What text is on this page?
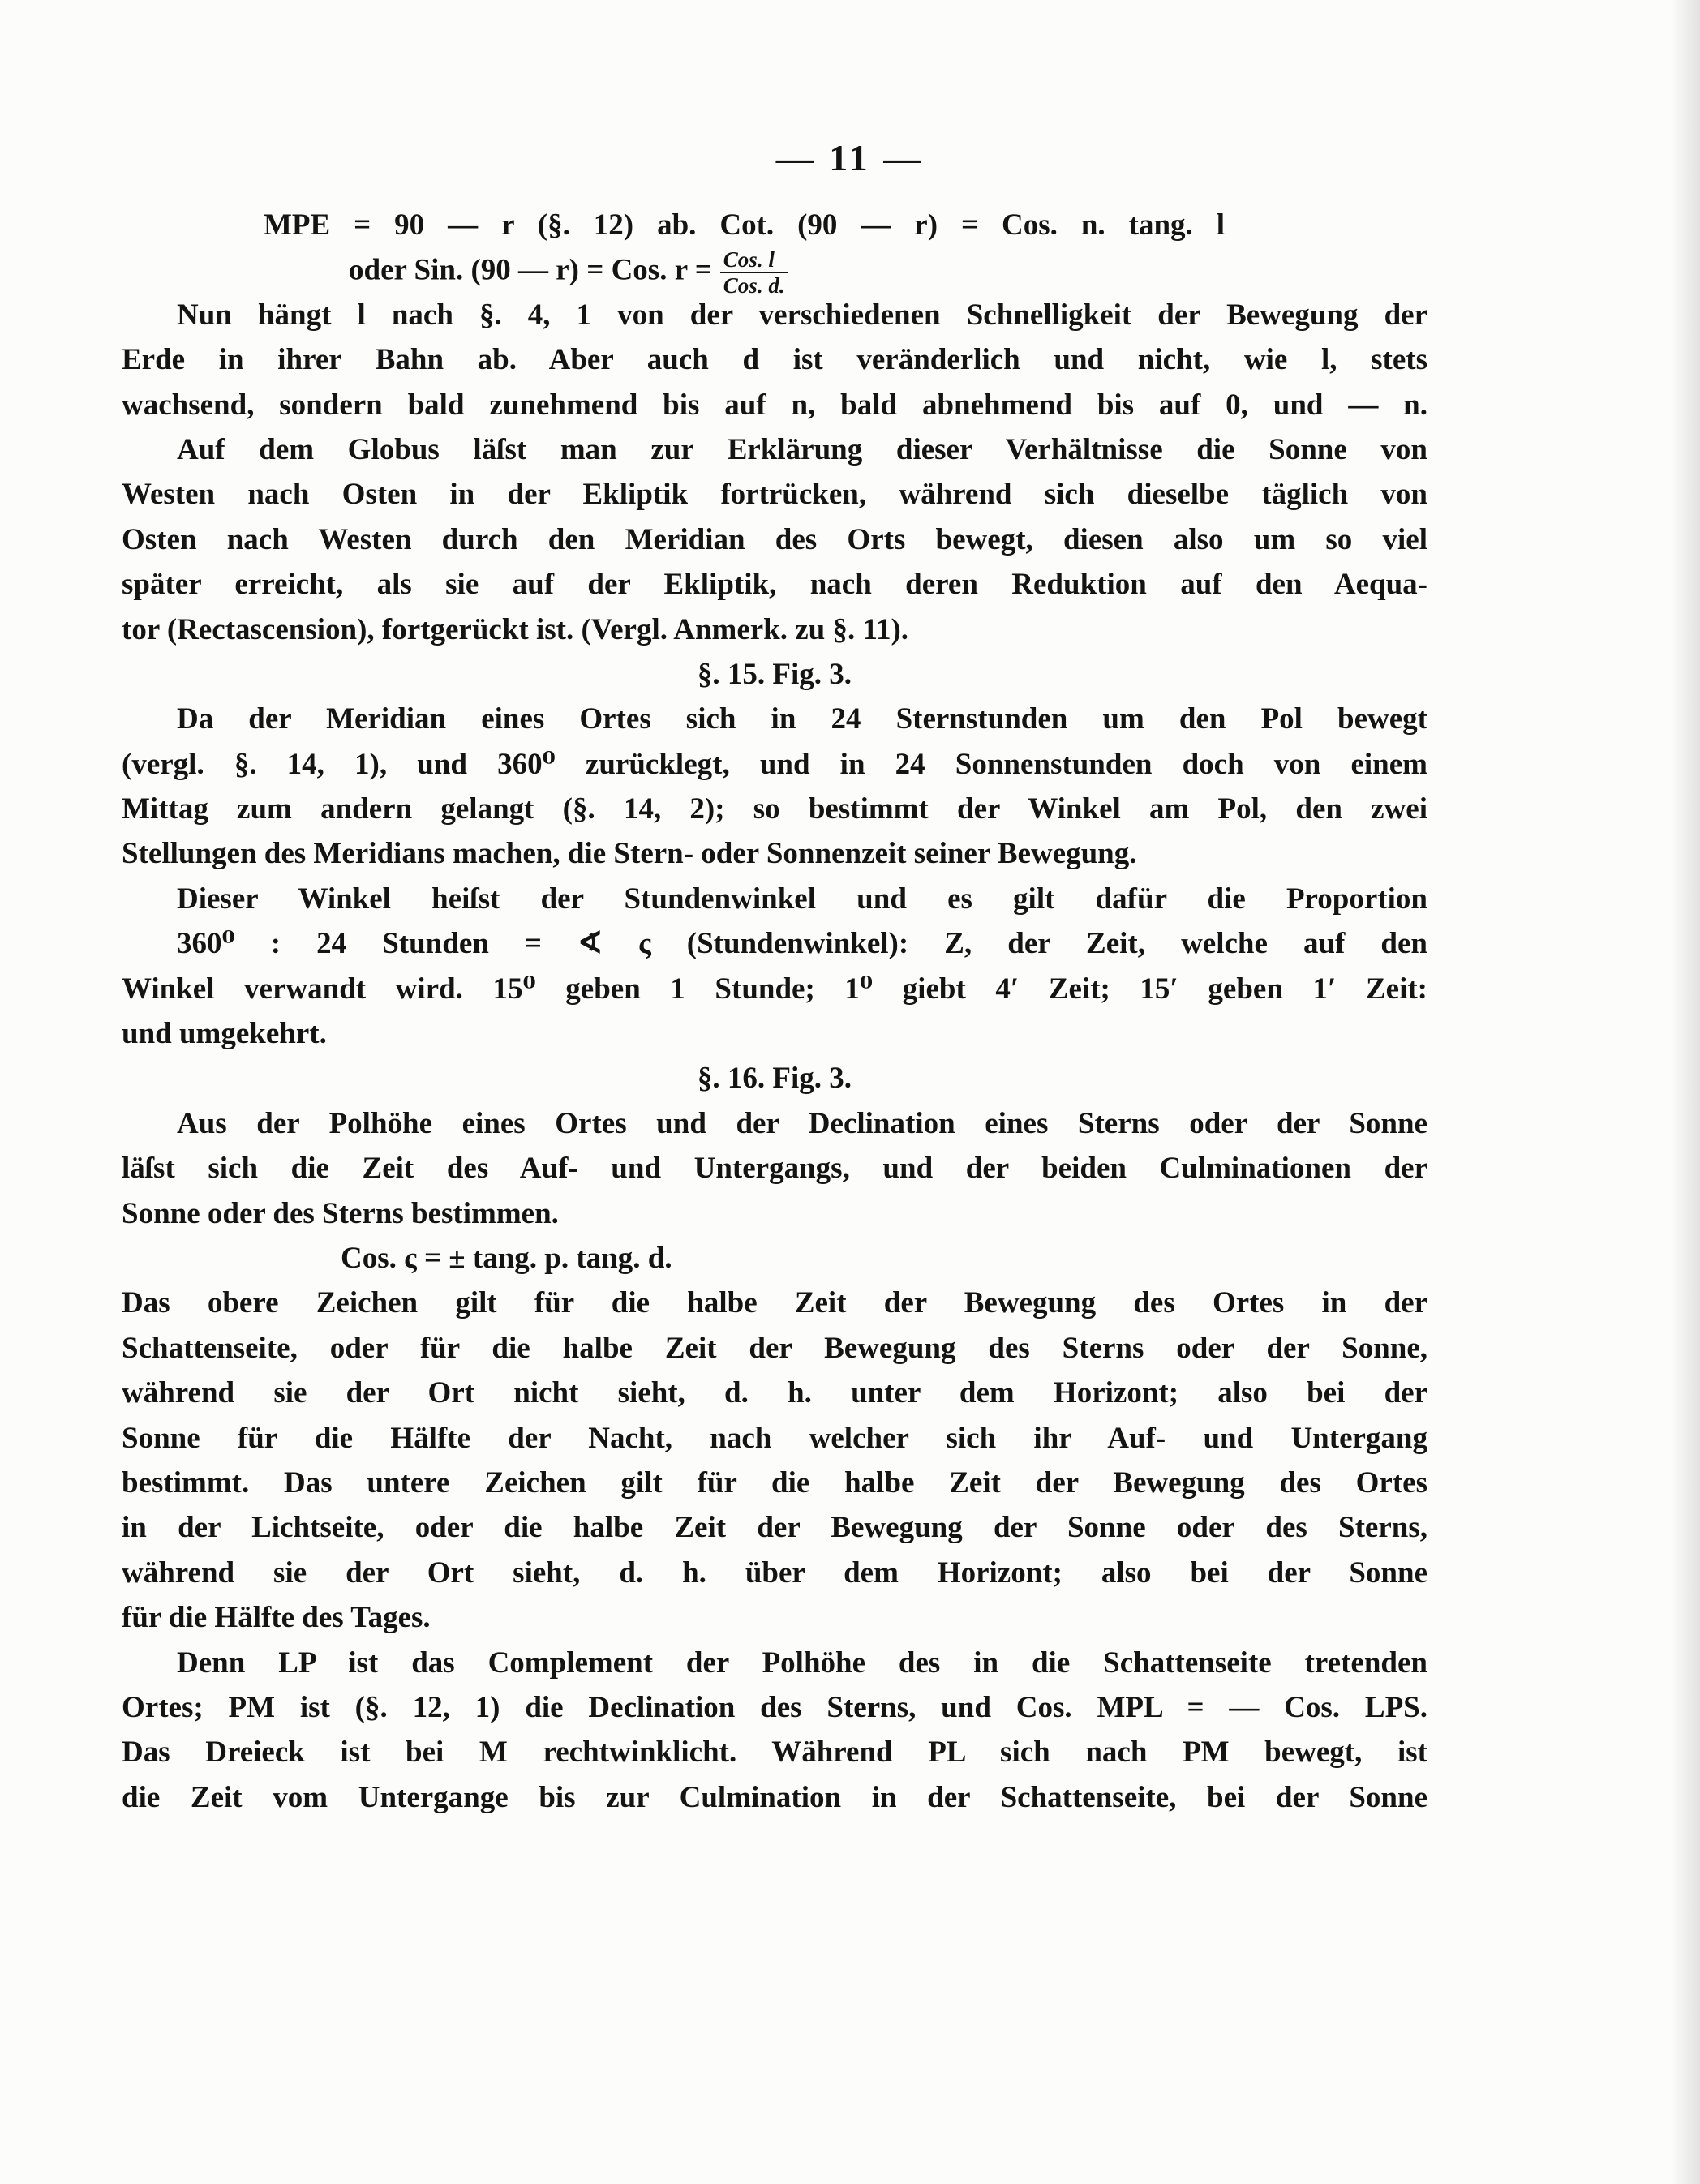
— 11 —
MPE = 90 — r (§. 12) ab. Cot. (90 — r) = Cos. n. tang. l
oder Sin. (90 — r) = Cos. $r = \frac{\text{Cos. l}}{\text{Cos. d.}}$
Nun hängt l nach §. 4, 1 von der verschiedenen Schnelligkeit der Bewegung der
Erde in ihrer Bahn ab. Aber auch d ist veränderlich und nicht, wie l, stets
wachsend, sondern bald zunehmend bis auf n, bald abnehmend bis auf 0, und — n.
Auf dem Globus läſst man zur Erklärung dieser Verhältnisse die Sonne von
Westen nach Osten in der Ekliptik fortrücken, während sich dieselbe täglich von
Osten nach Westen durch den Meridian des Orts bewegt, diesen also um so viel
später erreicht, als sie auf der Ekliptik, nach deren Reduktion auf den Aequa-
tor (Rectascension), fortgerückt ist. (Vergl. Anmerk. zu §. 11).
§. 15. Fig. 3.
Da der Meridian eines Ortes sich in 24 Sternstunden um den Pol bewegt
(vergl. §. 14, 1), und 360⁰ zurücklegt, und in 24 Sonnenstunden doch von einem
Mittag zum andern gelangt (§. 14, 2); so bestimmt der Winkel am Pol, den zwei
Stellungen des Meridians machen, die Stern- oder Sonnenzeit seiner Bewegung.
Dieser Winkel heiſst der Stundenwinkel und es gilt dafür die Proportion
360⁰ : 24 Stunden = ∢ ς (Stundenwinkel): Z, der Zeit, welche auf den
Winkel verwandt wird. 15⁰ geben 1 Stunde; 1⁰ giebt 4′ Zeit; 15′ geben 1′ Zeit:
und umgekehrt.
§. 16. Fig. 3.
Aus der Polhöhe eines Ortes und der Declination eines Sterns oder der Sonne
läſst sich die Zeit des Auf- und Untergangs, und der beiden Culminationen der
Sonne oder des Sterns bestimmen.
Cos. ς = ± tang. p. tang. d.
Das obere Zeichen gilt für die halbe Zeit der Bewegung des Ortes in der
Schattenseite, oder für die halbe Zeit der Bewegung des Sterns oder der Sonne,
während sie der Ort nicht sieht, d. h. unter dem Horizont; also bei der
Sonne für die Hälfte der Nacht, nach welcher sich ihr Auf- und Untergang
bestimmt. Das untere Zeichen gilt für die halbe Zeit der Bewegung des Ortes
in der Lichtseite, oder die halbe Zeit der Bewegung der Sonne oder des Sterns,
während sie der Ort sieht, d. h. über dem Horizont; also bei der Sonne
für die Hälfte des Tages.
Denn LP ist das Complement der Polhöhe des in die Schattenseite tretenden
Ortes; PM ist (§. 12, 1) die Declination des Sterns, und Cos. MPL = — Cos. LPS.
Das Dreieck ist bei M rechtwinklicht. Während PL sich nach PM bewegt, ist
die Zeit vom Untergange bis zur Culmination in der Schattenseite, bei der Sonne
